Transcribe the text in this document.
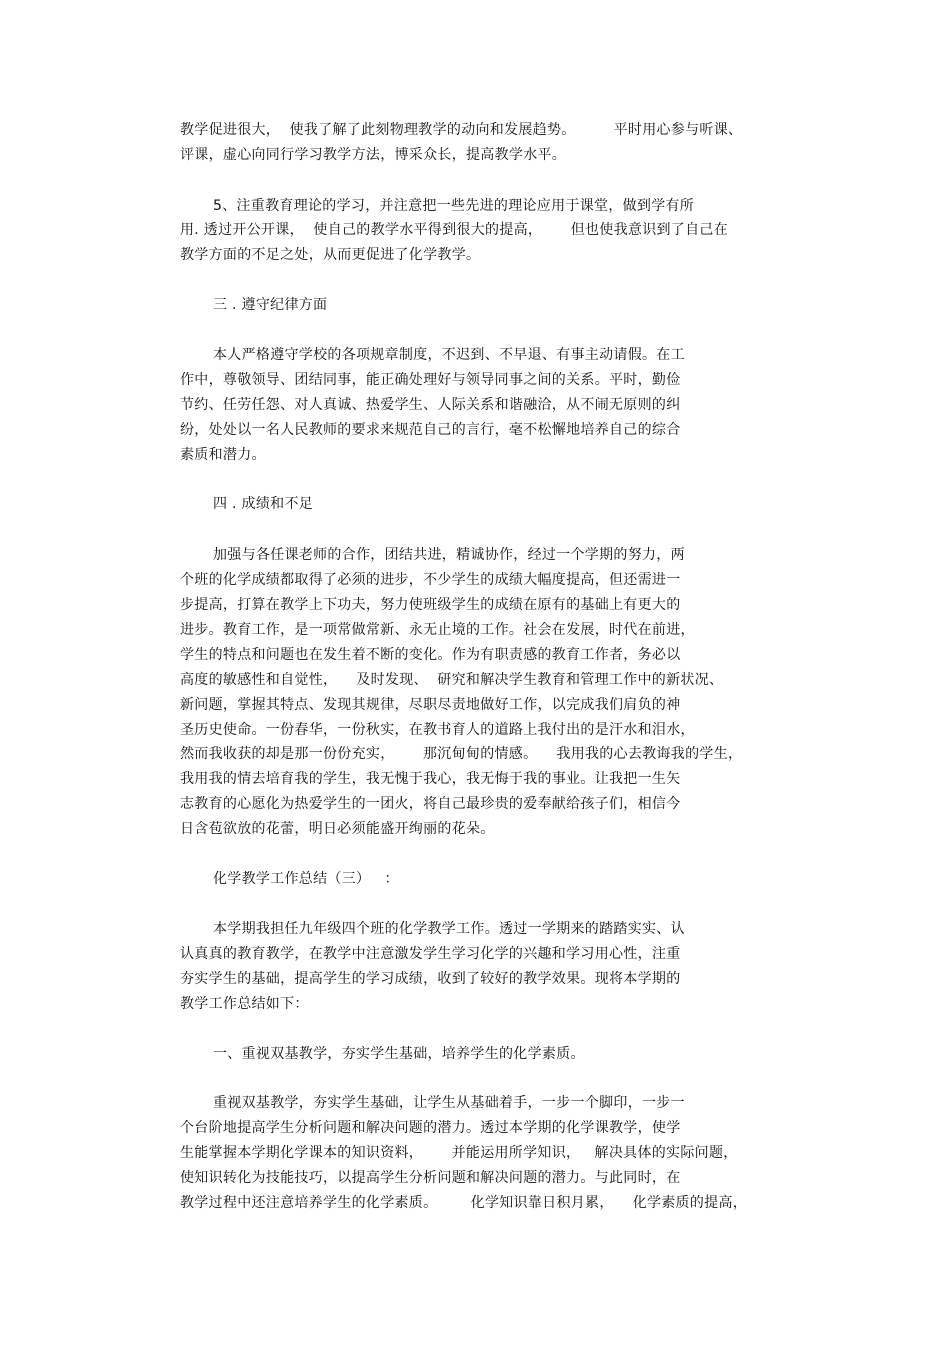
教学促进很大，  使我了解了此刻物理教学的动向和发展趋势。        平时用心参与听课、
评课，虚心向同行学习教学方法，博采众长，提高教学水平。
5、注重教育理论的学习，并注意把一些先进的理论应用于课堂，做到学有所
用. 透过开公开课，  使自己的教学水平得到很大的提高，      但也使我意识到了自己在
教学方面的不足之处，从而更促进了化学教学。
三 . 遵守纪律方面
本人严格遵守学校的各项规章制度，不迟到、不早退、有事主动请假。在工
作中，尊敬领导、团结同事，能正确处理好与领导同事之间的关系。平时，勤俭
节约、任劳任怨、对人真诚、热爱学生、人际关系和谐融洽，从不闹无原则的纠
纷，处处以一名人民教师的要求来规范自己的言行，毫不松懈地培养自己的综合
素质和潜力。
四 . 成绩和不足
加强与各任课老师的合作，团结共进，精诚协作，经过一个学期的努力，两
个班的化学成绩都取得了必须的进步，不少学生的成绩大幅度提高，但还需进一
步提高，打算在教学上下功夫，努力使班级学生的成绩在原有的基础上有更大的
进步。教育工作，是一项常做常新、永无止境的工作。社会在发展，时代在前进，
学生的特点和问题也在发生着不断的变化。作为有职责感的教育工作者，务必以
高度的敏感性和自觉性，    及时发现、  研究和解决学生教育和管理工作中的新状况、
新问题，掌握其特点、发现其规律，尽职尽责地做好工作，以完成我们肩负的神
圣历史使命。一份春华，一份秋实，在教书育人的道路上我付出的是汗水和泪水，
然而我收获的却是那一份份充实，      那沉甸甸的情感。    我用我的心去教诲我的学生，
我用我的情去培育我的学生，我无愧于我心，我无悔于我的事业。让我把一生矢
志教育的心愿化为热爱学生的一团火，将自己最珍贵的爱奉献给孩子们，相信今
日含苞欲放的花蕾，明日必须能盛开绚丽的花朵。
化学教学工作总结（三）   ：
本学期我担任九年级四个班的化学教学工作。透过一学期来的踏踏实实、认
认真真的教育教学，在教学中注意激发学生学习化学的兴趣和学习用心性，注重
夯实学生的基础，提高学生的学习成绩，收到了较好的教学效果。现将本学期的
教学工作总结如下：
一、重视双基教学，夯实学生基础，培养学生的化学素质。
重视双基教学，夯实学生基础，让学生从基础着手，一步一个脚印，一步一
个台阶地提高学生分析问题和解决问题的潜力。透过本学期的化学课教学，使学
生能掌握本学期化学课本的知识资料，      并能运用所学知识，   解决具体的实际问题，
使知识转化为技能技巧，以提高学生分析问题和解决问题的潜力。与此同时，在
教学过程中还注意培养学生的化学素质。       化学知识靠日积月累，    化学素质的提高，
